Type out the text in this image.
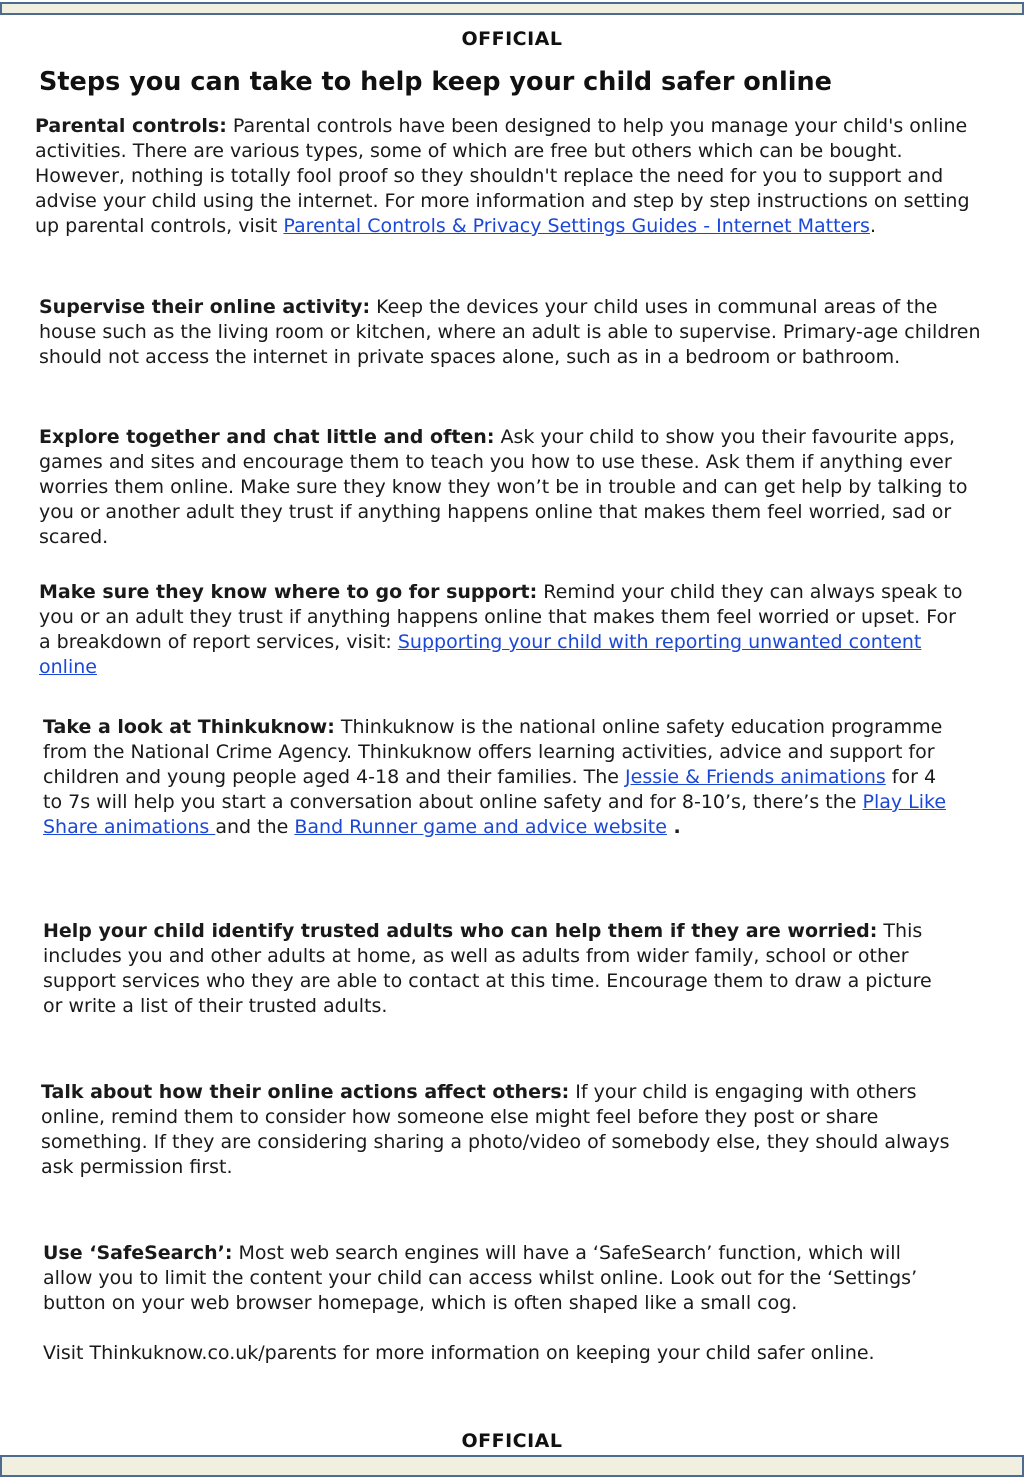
OFFICIAL
Steps you can take to help keep your child safer online

Parental controls: Parental controls have been designed to help you manage your child's online activities. There are various types, some of which are free but others which can be bought. However, nothing is totally fool proof so they shouldn't replace the need for you to support and advise your child using the internet. For more information and step by step instructions on setting up parental controls, visit Parental Controls & Privacy Settings Guides - Internet Matters.

Supervise their online activity: Keep the devices your child uses in communal areas of the house such as the living room or kitchen, where an adult is able to supervise. Primary-age children should not access the internet in private spaces alone, such as in a bedroom or bathroom.

Explore together and chat little and often: Ask your child to show you their favourite apps, games and sites and encourage them to teach you how to use these. Ask them if anything ever worries them online. Make sure they know they won’t be in trouble and can get help by talking to you or another adult they trust if anything happens online that makes them feel worried, sad or scared.

Make sure they know where to go for support: Remind your child they can always speak to you or an adult they trust if anything happens online that makes them feel worried or upset. For a breakdown of report services, visit: Supporting your child with reporting unwanted content online

Take a look at Thinkuknow: Thinkuknow is the national online safety education programme from the National Crime Agency. Thinkuknow offers learning activities, advice and support for children and young people aged 4-18 and their families. The Jessie & Friends animations for 4 to 7s will help you start a conversation about online safety and for 8-10’s, there’s the Play Like Share animations and the Band Runner game and advice website .

Help your child identify trusted adults who can help them if they are worried: This includes you and other adults at home, as well as adults from wider family, school or other support services who they are able to contact at this time. Encourage them to draw a picture or write a list of their trusted adults.

Talk about how their online actions affect others: If your child is engaging with others online, remind them to consider how someone else might feel before they post or share something. If they are considering sharing a photo/video of somebody else, they should always ask permission first.

Use ‘SafeSearch’: Most web search engines will have a ‘SafeSearch’ function, which will allow you to limit the content your child can access whilst online. Look out for the ‘Settings’ button on your web browser homepage, which is often shaped like a small cog.

Visit Thinkuknow.co.uk/parents for more information on keeping your child safer online.

OFFICIAL
